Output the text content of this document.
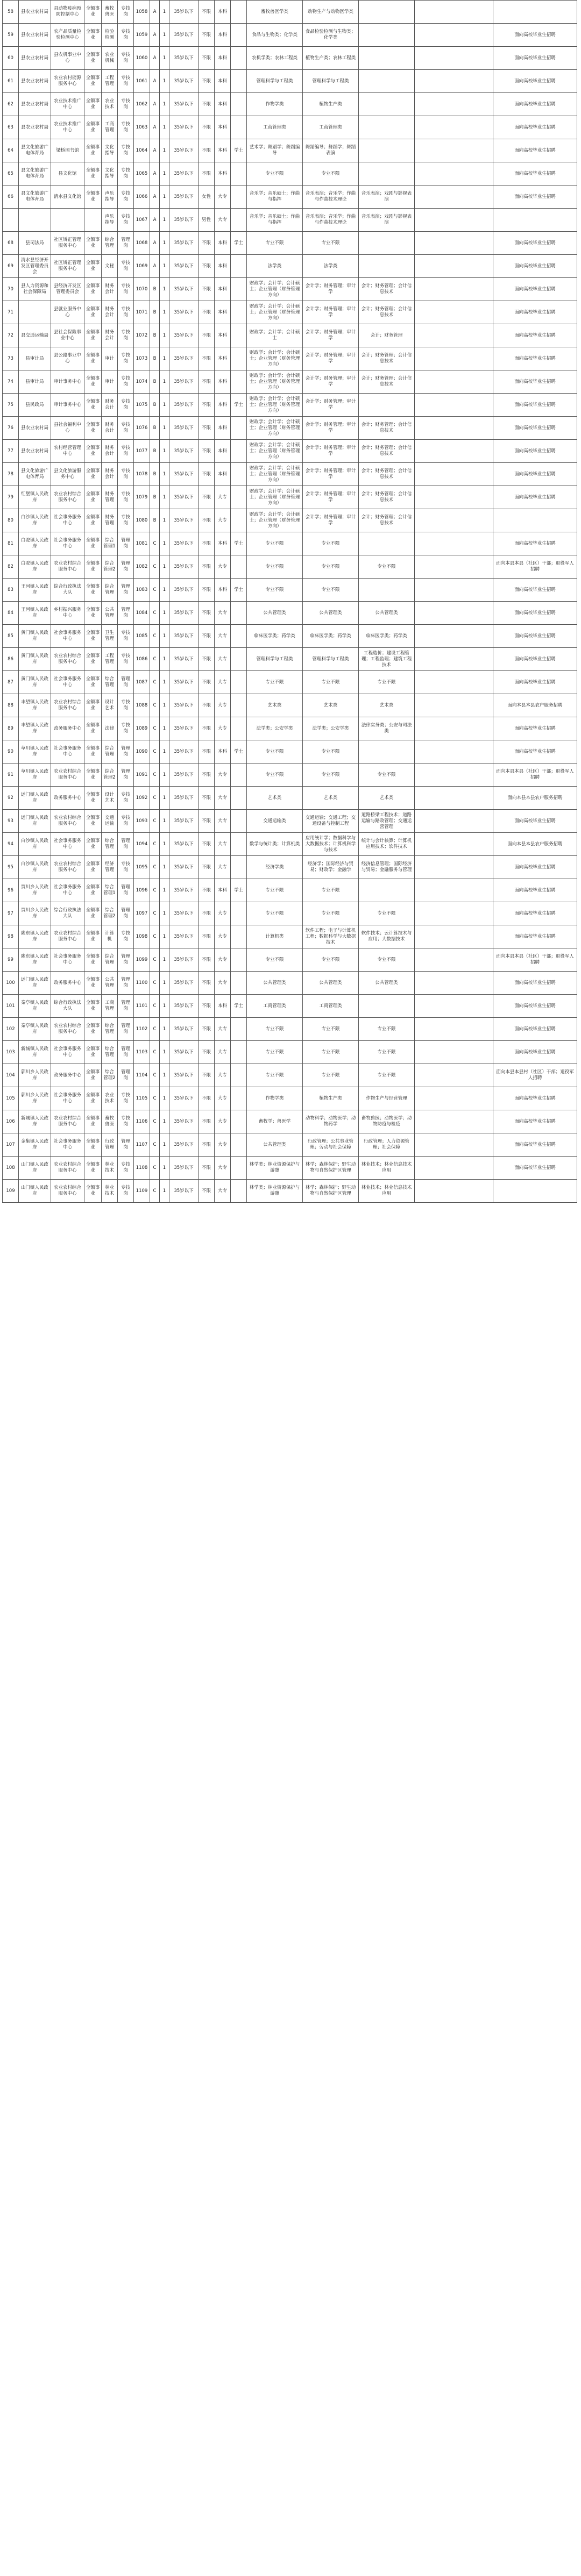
58	县农业农村局	县动物疫病预防控制中心	全额事业	畜牧兽医	专技岗	1058	A	1	35岁以下	不限	本科		畜牧兽医学类	动物生产与动物医学类			
59	县农业农村局	农产品质量检验检测中心	全额事业	检验检测	专技岗	1059	A	1	35岁以下	不限	本科		食品与生物类；化学类	食品检验检测与生物类；化学类			面向高校毕业生招聘
60	县农业农村局	县农机事业中心	全额事业	农业机械	专技岗	1060	A	1	35岁以下	不限	本科		农机学类；农林工程类	植物生产类；农林工程类			面向高校毕业生招聘
61	县农业农村局	农业农村能源服务中心	全额事业	工程管理	专技岗	1061	A	1	35岁以下	不限	本科		管理科学与工程类	管理科学与工程类			面向高校毕业生招聘
62	县农业农村局	农业技术推广中心	全额事业	农业技术	专技岗	1062	A	1	35岁以下	不限	本科		作物学类	植物生产类			面向高校毕业生招聘
63	县农业农村局	农业技术推广中心	全额事业	工商管理	专技岗	1063	A	1	35岁以下	不限	本科		工商管理类	工商管理类			面向高校毕业生招聘
64	县文化旅游广电体育局	梁桥图书馆	全额事业	文化指导	专技岗	1064	A	1	35岁以下	不限	本科	学士	艺术学；舞蹈学；舞蹈编导	舞蹈编导；舞蹈学；舞蹈表演			面向高校毕业生招聘
65	县文化旅游广电体育局	县文化馆	全额事业	文化指导	专技岗	1065	A	1	35岁以下	不限	本科		专业不限	专业不限			面向高校毕业生招聘
66	县文化旅游广电体育局	清水县文化馆	全额事业	声乐指导	专技岗	1066	A	1	35岁以下	女性	大专		音乐学；音乐硕士；作曲与指挥	音乐表演；音乐学；作曲与作曲技术理论	音乐表演；戏剧与影视表演		面向高校毕业生招聘
				声乐指导	专技岗	1067	A	1	35岁以下	男性	大专		音乐学；音乐硕士；作曲与指挥	音乐表演；音乐学；作曲与作曲技术理论	音乐表演；戏剧与影视表演		
68	县司法局	社区矫正管理服务中心	全额事业	综合管理	管理岗	1068	A	1	35岁以下	不限	本科	学士	专业不限	专业不限			面向高校毕业生招聘
69	清水县经济开发区管理委员会	社区矫正管理服务中心	全额事业	文秘	专技岗	1069	A	1	35岁以下	不限	本科		法学类	法学类			面向高校毕业生招聘
70	县人力资源和社会保障局	县经济开发区管理委员会	全额事业	财务会计	专技岗	1070	B	1	35岁以下	不限	本科		财政学；会计学；会计硕士；企业管理（财务管理方向）	会计学；财务管理；审计学	会计；财务管理；会计信息技术		面向高校毕业生招聘
71		县就业服务中心	全额事业	财务会计	专技岗	1071	B	1	35岁以下	不限	本科		财政学；会计学；会计硕士；企业管理（财务管理方向）	会计学；财务管理；审计学	会计；财务管理；会计信息技术		面向高校毕业生招聘
72	县交通运输局	县社会保险事业中心	全额事业	财务会计	专技岗	1072	B	1	35岁以下	不限	本科		财政学；会计学；会计硕士	会计学；财务管理；审计学	会计；财务管理		面向高校毕业生招聘
73	县审计局	县公路事业中心	全额事业	审计	专技岗	1073	B	1	35岁以下	不限	本科		财政学；会计学；会计硕士；企业管理（财务管理方向）	会计学；财务管理；审计学	会计；财务管理；会计信息技术		面向高校毕业生招聘
74	县审计局	审计事务中心	全额事业	审计	专技岗	1074	B	1	35岁以下	不限	本科		财政学；会计学；会计硕士；企业管理（财务管理方向）	会计学；财务管理；审计学	会计；财务管理；会计信息技术		面向高校毕业生招聘
75	县民政局	审计事务中心	全额事业	财务会计	专技岗	1075	B	1	35岁以下	不限	本科	学士	财政学；会计学；会计硕士；企业管理（财务管理方向）	会计学；财务管理；审计学			面向高校毕业生招聘
76	县农业农村局	县社会福利中心	全额事业	财务会计	专技岗	1076	B	1	35岁以下	不限	本科		财政学；会计学；会计硕士；企业管理（财务管理方向）	会计学；财务管理；审计学	会计；财务管理；会计信息技术		面向高校毕业生招聘
77	县农业农村局	农村经营管理中心	全额事业	财务会计	专技岗	1077	B	1	35岁以下	不限	本科		财政学；会计学；会计硕士；企业管理（财务管理方向）	会计学；财务管理；审计学	会计；财务管理；会计信息技术		面向高校毕业生招聘
78	县文化旅游广电体育局	县文化旅游服务中心	全额事业	财务会计	专技岗	1078	B	1	35岁以下	不限	本科		财政学；会计学；会计硕士；企业管理（财务管理方向）	会计学；财务管理；审计学	会计；财务管理；会计信息技术		面向高校毕业生招聘
79	红堡镇人民政府	农业农村综合服务中心	全额事业	财务管理	专技岗	1079	B	1	35岁以下	不限	大专		财政学；会计学；会计硕士；企业管理（财务管理方向）	会计学；财务管理；审计学	会计；财务管理；会计信息技术		面向高校毕业生招聘
80	白沙镇人民政府	社会事务服务中心	全额事业	财务管理	专技岗	1080	B	1	35岁以下	不限	大专		财政学；会计学；会计硕士；企业管理（财务管理方向）	会计学；财务管理；审计学	会计；财务管理；会计信息技术		
81	白驼镇人民政府	社会事务服务中心	全额事业	综合管理1	管理岗	1081	C	1	35岁以下	不限	本科	学士	专业不限	专业不限			面向高校毕业生招聘
82	白驼镇人民政府	农业农村综合服务中心	全额事业	综合管理2	管理岗	1082	C	1	35岁以下	不限	大专		专业不限	专业不限	专业不限		面向本县本县（社区）干部；退役军人招聘
83	王河镇人民政府	综合行政执法大队	全额事业	综合管理	管理岗	1083	C	1	35岁以下	不限	本科	学士	专业不限	专业不限			面向高校毕业生招聘
84	王河镇人民政府	乡村振兴服务中心	全额事业	公共管理	管理岗	1084	C	1	35岁以下	不限	大专		公共管理类	公共管理类	公共管理类		面向高校毕业生招聘
85	黄门镇人民政府	社会事务服务中心	全额事业	卫生管理	专技岗	1085	C	1	35岁以下	不限	大专		临床医学类；药学类	临床医学类；药学类	临床医学类；药学类		面向高校毕业生招聘
86	黄门镇人民政府	农业农村综合服务中心	全额事业	工程管理	专技岗	1086	C	1	35岁以下	不限	大专		管理科学与工程类	管理科学与工程类	工程造价；建设工程管理；工程监理；建筑工程技术		面向高校毕业生招聘
87	黄门镇人民政府	社会事务服务中心	全额事业	综合管理	管理岗	1087	C	1	35岁以下	不限	大专		专业不限	专业不限	专业不限		面向高校毕业生招聘
88	丰望镇人民政府	农业农村综合服务中心	全额事业	设计艺术	专技岗	1088	C	1	35岁以下	不限	大专		艺术类	艺术类	艺术类		面向本县本县农户服务招聘
89	丰望镇人民政府	政务服务中心	全额事业	法律	专技岗	1089	C	1	35岁以下	不限	大专		法学类；公安学类	法学类；公安学类	法律实务类；公安与司法类		面向高校毕业生招聘
90	草川镇人民政府	社会事务服务中心	全额事业	综合管理	管理岗	1090	C	1	35岁以下	不限	本科	学士	专业不限	专业不限			面向高校毕业生招聘
91	草川镇人民政府	农业农村综合服务中心	全额事业	综合管理2	管理岗	1091	C	1	35岁以下	不限	大专		专业不限	专业不限	专业不限		面向本县本县（社区）干部；退役军人招聘
92	远门镇人民政府	政务服务中心	全额事业	设计艺术	专技岗	1092	C	1	35岁以下	不限	大专		艺术类	艺术类	艺术类		面向本县本县农户服务招聘
93	远门镇人民政府	农业农村综合服务中心	全额事业	交通运输	专技岗	1093	C	1	35岁以下	不限	大专		交通运输类	交通运输；交通工程；交通设备与控制工程	道路桥梁工程技术；道路运输与路政管理；交通运营管理		面向高校毕业生招聘
94	白沙镇人民政府	社会事务服务中心	全额事业	综合管理	管理岗	1094	C	1	35岁以下	不限	大专		数学与统计类；计算机类	应用统计学；数据科学与大数据技术；计算机科学与技术	统计与会计核算；计算机应用技术；软件技术		面向本县本县农户服务招聘
95	白沙镇人民政府	农业农村综合服务中心	全额事业	经济管理	专技岗	1095	C	1	35岁以下	不限	大专		经济学类	经济学；国际经济与贸易；财政学；金融学	经济信息管理；国际经济与贸易；金融服务与管理		面向高校毕业生招聘
96	贾川乡人民政府	社会事务服务中心	全额事业	综合管理1	管理岗	1096	C	1	35岁以下	不限	本科	学士	专业不限	专业不限			面向高校毕业生招聘
97	贾川乡人民政府	综合行政执法大队	全额事业	综合管理2	管理岗	1097	C	1	35岁以下	不限	大专		专业不限	专业不限	专业不限		面向高校毕业生招聘
98	陇东镇人民政府	农业农村综合服务中心	全额事业	计算机	专技岗	1098	C	1	35岁以下	不限	大专		计算机类	软件工程；电子与计算机工程；数据科学与大数据技术	软件技术；云计算技术与应用；大数据技术		面向高校毕业生招聘
99	陇东镇人民政府	社会事务服务中心	全额事业	综合管理	管理岗	1099	C	1	35岁以下	不限	大专		专业不限	专业不限	专业不限		面向本县本县（社区）干部；退役军人招聘
100	远门镇人民政府	政务服务中心	全额事业	公共管理	管理岗	1100	C	1	35岁以下	不限	大专		公共管理类	公共管理类	公共管理类		面向高校毕业生招聘
101	秦亭镇人民政府	综合行政执法大队	全额事业	工商管理	管理岗	1101	C	1	35岁以下	不限	本科	学士	工商管理类	工商管理类			面向高校毕业生招聘
102	秦亭镇人民政府	农业农村综合服务中心	全额事业	综合管理	管理岗	1102	C	1	35岁以下	不限	大专		专业不限	专业不限	专业不限		面向高校毕业生招聘
103	新城镇人民政府	社会事务服务中心	全额事业	综合管理	管理岗	1103	C	1	35岁以下	不限	大专		专业不限	专业不限	专业不限		面向高校毕业生招聘
104	郭川乡人民政府	政务服务中心	全额事业	综合管理2	管理岗	1104	C	1	35岁以下	不限	大专		专业不限	专业不限	专业不限		面向本县本县村（社区）干部；退役军人招聘
105	郭川乡人民政府	社会事务服务中心	全额事业	农业技术	专技岗	1105	C	1	35岁以下	不限	大专		作物学类	植物生产类	作物生产与经营管理		面向高校毕业生招聘
106	新城镇人民政府	农业农村综合服务中心	全额事业	畜牧兽医	专技岗	1106	C	1	35岁以下	不限	大专		畜牧学；兽医学	动物科学；动物医学；动物药学	畜牧兽医；动物医学；动物防疫与检疫		面向高校毕业生招聘
107	金集镇人民政府	社会事务服务中心	全额事业	行政管理	管理岗	1107	C	1	35岁以下	不限	大专		公共管理类	行政管理；公共事业管理；劳动与社会保障	行政管理；人力资源管理；社会保障		面向高校毕业生招聘
108	山门镇人民政府	农业农村综合服务中心	全额事业	林业技术	专技岗	1108	C	1	35岁以下	不限	大专		林学类；林业资源保护与游憩	林学；森林保护；野生动物与自然保护区管理	林业技术；林业信息技术应用		面向高校毕业生招聘
109	山门镇人民政府	农业农村综合服务中心	全额事业	林业技术	专技岗	1109	C	1	35岁以下	不限	大专		林学类；林业资源保护与游憩	林学；森林保护；野生动物与自然保护区管理	林业技术；林业信息技术应用		
